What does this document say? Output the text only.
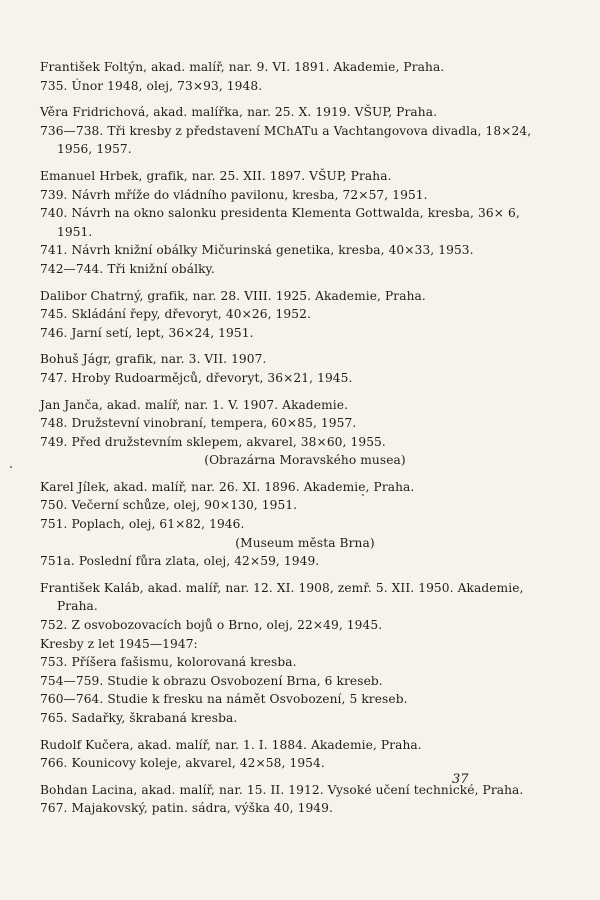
František Foltýn, akad. malíř, nar. 9. VI. 1891. Akademie, Praha.
735. Únor 1948, olej, 73×93, 1948.
Věra Fridrichová, akad. malířka, nar. 25. X. 1919. VŠUP, Praha.
736—738. Tři kresby z představení MChATu a Vachtangovova divadla, 18×24,
1956, 1957.
Emanuel Hrbek, grafik, nar. 25. XII. 1897. VŠUP, Praha.
739. Návrh mříže do vládního pavilonu, kresba, 72×57, 1951.
740. Návrh na okno salonku presidenta Klementa Gottwalda, kresba, 36× 6,
1951.
741. Návrh knižní obálky Mičurinská genetika, kresba, 40×33, 1953.
742—744. Tři knižní obálky.
Dalibor Chatrný, grafik, nar. 28. VIII. 1925. Akademie, Praha.
745. Skládání řepy, dřevoryt, 40×26, 1952.
746. Jarní setí, lept, 36×24, 1951.
Bohuš Jágr, grafik, nar. 3. VII. 1907.
747. Hroby Rudoarmějců, dřevoryt, 36×21, 1945.
Jan Janča, akad. malíř, nar. 1. V. 1907. Akademie.
748. Družstevní vinobraní, tempera, 60×85, 1957.
749. Před družstevním sklepem, akvarel, 38×60, 1955.
(Obrazárna Moravského musea)
Karel Jílek, akad. malíř, nar. 26. XI. 1896. Akademie, Praha.
750. Večerní schůze, olej, 90×130, 1951.
751. Poplach, olej, 61×82, 1946.
(Museum města Brna)
751a. Poslední fůra zlata, olej, 42×59, 1949.
František Kaláb, akad. malíř, nar. 12. XI. 1908, zemř. 5. XII. 1950. Akademie,
Praha.
752. Z osvobozovacích bojů o Brno, olej, 22×49, 1945.
Kresby z let 1945—1947:
753. Příšera fašismu, kolorovaná kresba.
754—759. Studie k obrazu Osvobození Brna, 6 kreseb.
760—764. Studie k fresku na námět Osvobození, 5 kreseb.
765. Sadařky, škrabaná kresba.
Rudolf Kučera, akad. malíř, nar. 1. I. 1884. Akademie, Praha.
766. Kounicovy koleje, akvarel, 42×58, 1954.
Bohdan Lacina, akad. malíř, nar. 15. II. 1912. Vysoké učení technické, Praha.
767. Majakovský, patin. sádra, výška 40, 1949.
37
